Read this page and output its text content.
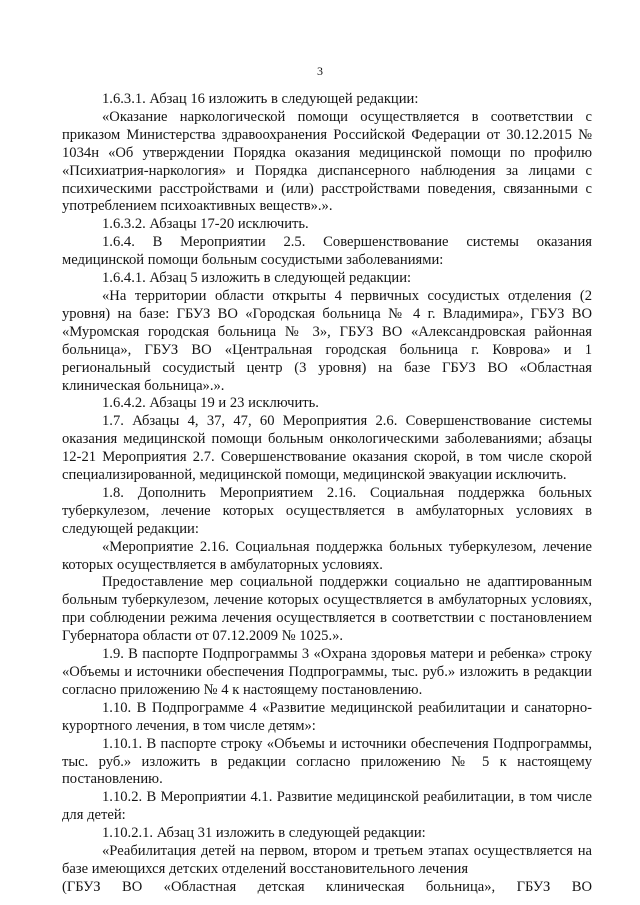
3

1.6.3.1. Абзац 16 изложить в следующей редакции:

«Оказание наркологической помощи осуществляется в соответствии с приказом Министерства здравоохранения Российской Федерации от 30.12.2015 № 1034н «Об утверждении Порядка оказания медицинской помощи по профилю «Психиатрия-наркология» и Порядка диспансерного наблюдения за лицами с психическими расстройствами и (или) расстройствами поведения, связанными с употреблением психоактивных веществ».».

1.6.3.2. Абзацы 17-20 исключить.

1.6.4. В Мероприятии 2.5. Совершенствование системы оказания медицинской помощи больным сосудистыми заболеваниями:

1.6.4.1. Абзац 5 изложить в следующей редакции:

«На территории области открыты 4 первичных сосудистых отделения (2 уровня) на базе: ГБУЗ ВО «Городская больница № 4 г. Владимира», ГБУЗ ВО «Муромская городская больница № 3», ГБУЗ ВО «Александровская районная больница», ГБУЗ ВО «Центральная городская больница г. Коврова» и 1 региональный сосудистый центр (3 уровня) на базе ГБУЗ ВО «Областная клиническая больница».».

1.6.4.2. Абзацы 19 и 23 исключить.

1.7. Абзацы 4, 37, 47, 60 Мероприятия 2.6. Совершенствование системы оказания медицинской помощи больным онкологическими заболеваниями; абзацы 12-21 Мероприятия 2.7. Совершенствование оказания скорой, в том числе скорой специализированной, медицинской помощи, медицинской эвакуации исключить.

1.8. Дополнить Мероприятием 2.16. Социальная поддержка больных туберкулезом, лечение которых осуществляется в амбулаторных условиях в следующей редакции:

«Мероприятие 2.16. Социальная поддержка больных туберкулезом, лечение которых осуществляется в амбулаторных условиях.

Предоставление мер социальной поддержки социально не адаптированным больным туберкулезом, лечение которых осуществляется в амбулаторных условиях, при соблюдении режима лечения осуществляется в соответствии с постановлением Губернатора области от 07.12.2009 № 1025.».

1.9. В паспорте Подпрограммы 3 «Охрана здоровья матери и ребенка» строку «Объемы и источники обеспечения Подпрограммы, тыс. руб.» изложить в редакции согласно приложению № 4 к настоящему постановлению.

1.10. В Подпрограмме 4 «Развитие медицинской реабилитации и санаторно-курортного лечения, в том числе детям»:

1.10.1. В паспорте строку «Объемы и источники обеспечения Подпрограммы, тыс. руб.» изложить в редакции согласно приложению № 5 к настоящему постановлению.

1.10.2. В Мероприятии 4.1. Развитие медицинской реабилитации, в том числе для детей:

1.10.2.1. Абзац 31 изложить в следующей редакции:

«Реабилитация детей на первом, втором и третьем этапах осуществляется на базе имеющихся детских отделений восстановительного лечения

(ГБУЗ ВО «Областная детская клиническая больница», ГБУЗ ВО
